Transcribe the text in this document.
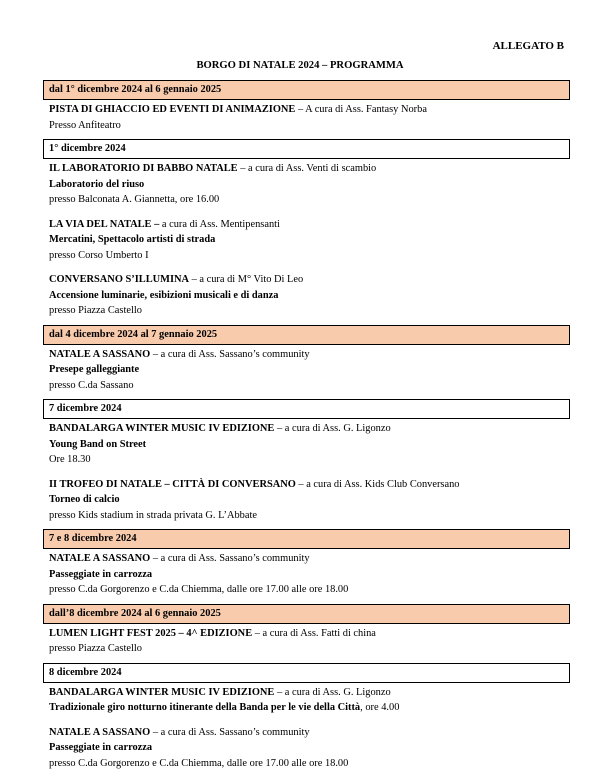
ALLEGATO B
BORGO DI NATALE 2024 – PROGRAMMA
dal 1° dicembre 2024 al 6 gennaio 2025
PISTA DI GHIACCIO ED EVENTI DI ANIMAZIONE – A cura di Ass. Fantasy Norba
Presso Anfiteatro
1° dicembre 2024
IL LABORATORIO DI BABBO NATALE – a cura di Ass. Venti di scambio
Laboratorio del riuso
presso Balconata A. Giannetta, ore 16.00
LA VIA DEL NATALE – a cura di Ass. Mentipensanti
Mercatini, Spettacolo artisti di strada
presso Corso Umberto I
CONVERSANO S’ILLUMINA – a cura di M° Vito Di Leo
Accensione luminarie, esibizioni musicali e di danza
presso Piazza Castello
dal 4 dicembre 2024 al 7 gennaio 2025
NATALE A SASSANO – a cura di Ass. Sassano’s community
Presepe galleggiante
presso C.da Sassano
7 dicembre 2024
BANDALARGA WINTER MUSIC IV EDIZIONE – a cura di Ass. G. Ligonzo
Young Band on Street
Ore 18.30
II TROFEO DI NATALE – CITTÀ DI CONVERSANO – a cura di Ass. Kids Club Conversano
Torneo di calcio
presso Kids stadium in strada privata G. L’Abbate
7 e 8 dicembre 2024
NATALE A SASSANO – a cura di Ass. Sassano’s community
Passeggiate in carrozza
presso C.da Gorgorenzo e C.da Chiemma, dalle ore 17.00 alle ore 18.00
dall’8 dicembre 2024 al 6 gennaio 2025
LUMEN LIGHT FEST 2025 – 4^ EDIZIONE – a cura di Ass. Fatti di china
presso Piazza Castello
8 dicembre 2024
BANDALARGA WINTER MUSIC IV EDIZIONE – a cura di Ass. G. Ligonzo
Tradizionale giro notturno itinerante della Banda per le vie della Città, ore 4.00
NATALE A SASSANO – a cura di Ass. Sassano’s community
Passeggiate in carrozza
presso C.da Gorgorenzo e C.da Chiemma, dalle ore 17.00 alle ore 18.00
